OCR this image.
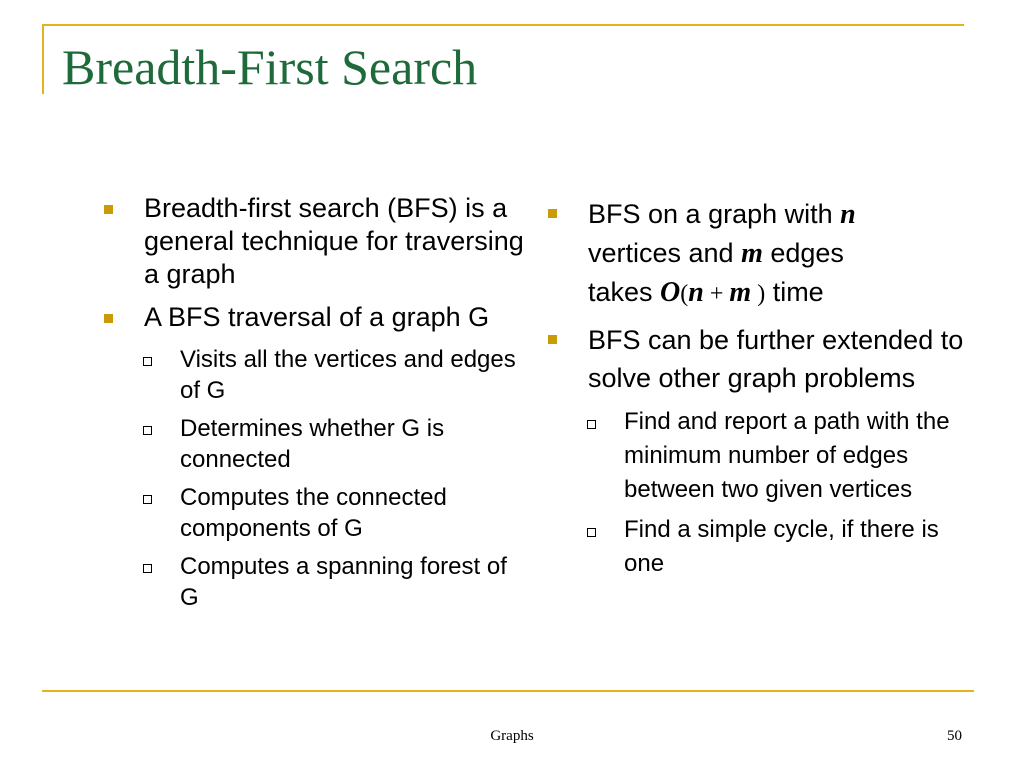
Breadth-First Search
Breadth-first search (BFS) is a general technique for traversing a graph
A BFS traversal of a graph G
Visits all the vertices and edges of G
Determines whether G is connected
Computes the connected components of G
Computes a spanning forest of G
BFS on a graph with n
vertices and m edges
takes O(n + m ) time
BFS can be further extended to solve other graph problems
Find and report a path with the minimum number of edges between two given vertices
Find a simple cycle, if there is one
Graphs	50
